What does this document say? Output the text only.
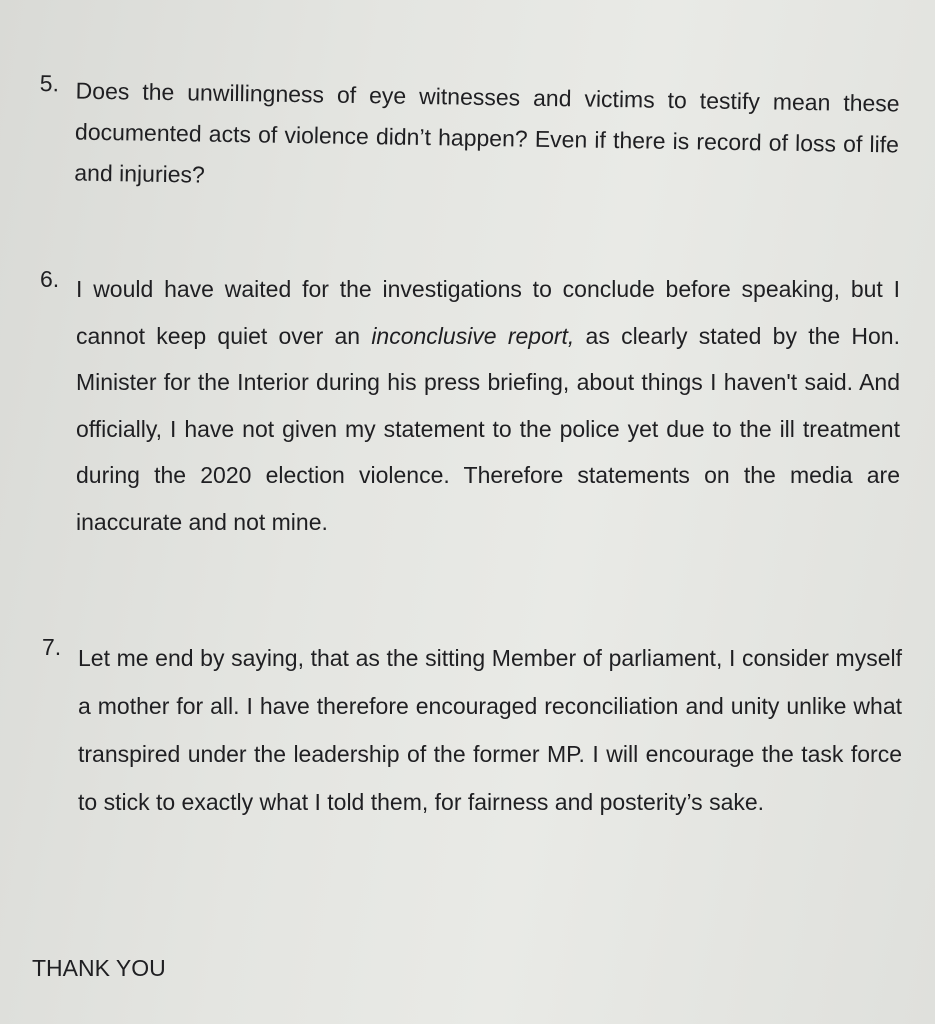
5. Does the unwillingness of eye witnesses and victims to testify mean these documented acts of violence didn’t happen? Even if there is record of loss of life and injuries?

6. I would have waited for the investigations to conclude before speaking, but I cannot keep quiet over an inconclusive report, as clearly stated by the Hon. Minister for the Interior during his press briefing, about things I haven't said. And officially, I have not given my statement to the police yet due to the ill treatment during the 2020 election violence. Therefore statements on the media are inaccurate and not mine.

7. Let me end by saying, that as the sitting Member of parliament, I consider myself a mother for all. I have therefore encouraged reconciliation and unity unlike what transpired under the leadership of the former MP. I will encourage the task force to stick to exactly what I told them, for fairness and posterity’s sake.

THANK YOU
